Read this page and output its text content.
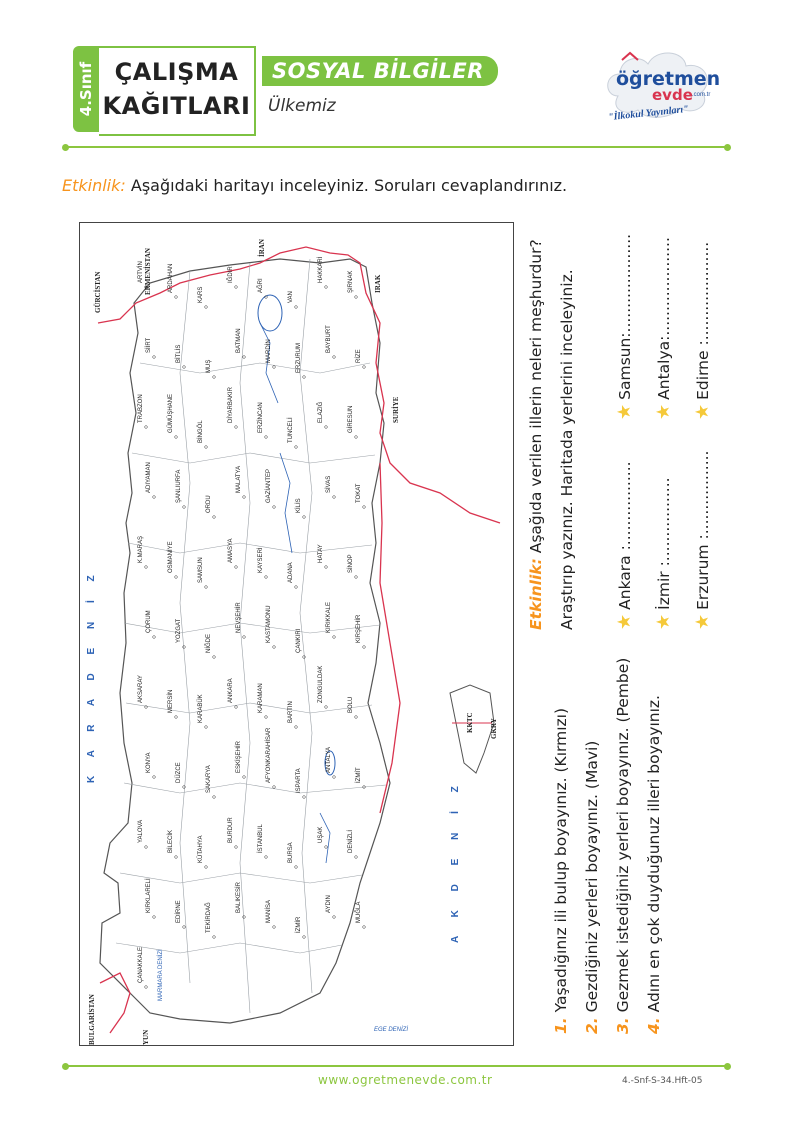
4.Sınıf ÇALIŞMA
KAĞITLARI
SOSYAL BİLGİLER
Ülkemiz
öğretmen
evde .com.tr
"İlkokul Yayınları"
Etkinlik: Aşağıdaki haritayı inceleyiniz. Soruları cevaplandırınız.
K A R A D E N İ Z
A K D E N İ Z
MARMARA DENİZİ
EGE DENİZİ
GÜRCİSTAN	ERMENİSTAN
İRAN
IRAK
SURİYE
BULGARİSTAN	YUN
KKTC GKRY
ARTVİN	ARDAHAN
KARS
IĞDIR
AĞRI
VAN
HAKKARİ	ŞIRNAK
SİİRT	BİTLİS
MUŞ
BATMAN	MARDİN	ERZURUM
BAYBURT
RİZE
TRABZON	GÜMÜŞHANE	BİNGÖL
DİYARBAKIR	ERZİNCAN	TUNCELİ
ELAZIĞ	GİRESUN
ADIYAMAN	ŞANLIURFA
ORDU
MALATYA	GAZİANTEP
KİLİS
SİVAS	TOKAT
K.MARAŞ	OSMANİYE	SAMSUN
AMASYA	KAYSERİ	ADANA
HATAY
SİNOP
ÇORUM	YOZGAT
NİĞDE
NEVŞEHİR	KASTAMONU	ÇANKIRI
KIRIKKALE	KIRŞEHİR
AKSARAY	MERSİN	KARABÜK
ANKARA	KARAMAN	BARTIN
ZONGULDAK
BOLU
KONYA	DÜZCE	SAKARYA
ESKİŞEHİR	AFYONKARAHİSAR	ISPARTA
ANTALYA
İZMİT
YALOVA	BİLECİK	KÜTAHYA
BURDUR	İSTANBUL	BURSA
UŞAK	DENİZLİ
KIRKLARELİ	EDİRNE	TEKİRDAĞ
BALIKESİR	MANİSA
İZMİR
AYDIN	MUĞLA
ÇANAKKALE
1. Yaşadığınız ili bulup boyayınız. (Kırmızı)
2. Gezdiğiniz yerleri boyayınız. (Mavi)
3. Gezmek istediğiniz yerleri boyayınız. (Pembe)
4. Adını en çok duyduğunuz illeri boyayınız.
Etkinlik: Aşağıda verilen illerin neleri meşhurdur? Araştırıp yazınız. Haritada yerlerini inceleyiniz. ★Ankara :.................
★Samsun:....................
★İzmir :.................
★Antalya:....................
★Erzurum :.................
★Edirne :....................
www.ogretmenevde.com.tr	4.-Snf-S-34.Hft-05
